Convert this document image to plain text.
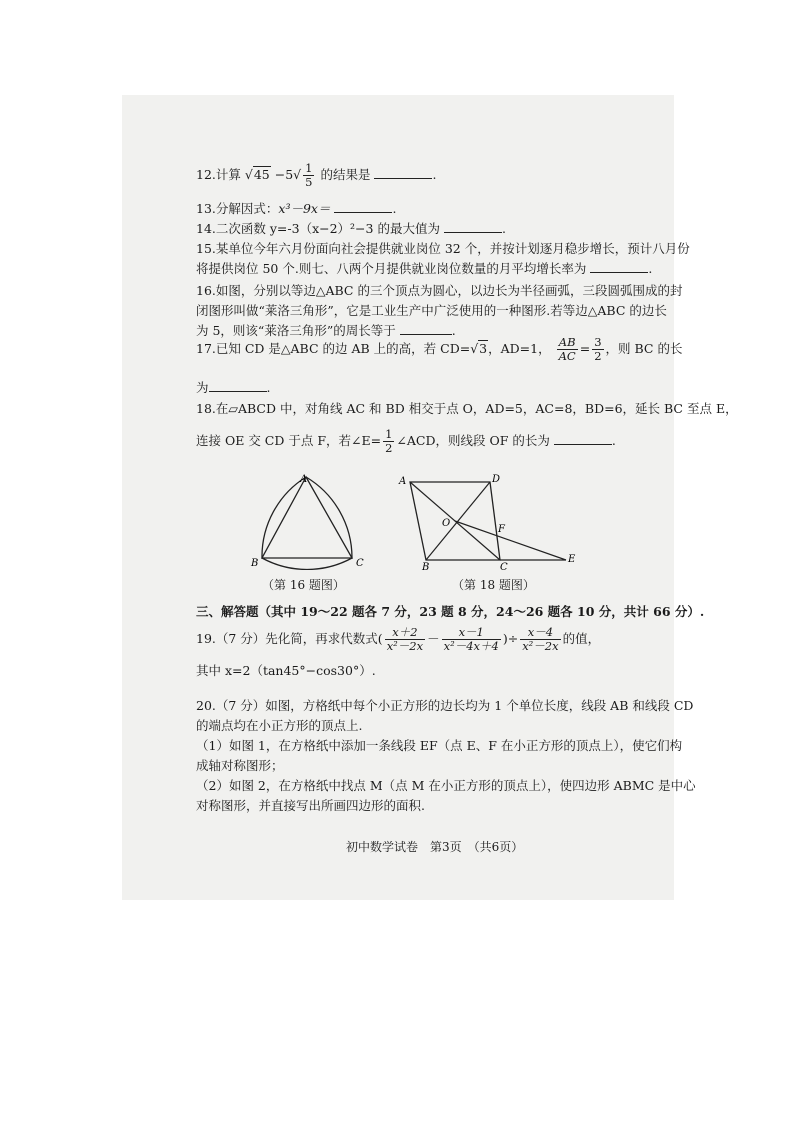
12.计算 $√45 -5√ \frac{1}{5}$ 的结果是	.
13.分解因式：x³－9x＝	.
14.二次函数 y=-3（x−2）²−3 的最大值为	.
15.某单位今年六月份面向社会提供就业岗位 32 个，并按计划逐月稳步增长，预计八月份
将提供岗位 50 个.则七、八两个月提供就业岗位数量的月平均增长率为	.
16.如图，分别以等边△ABC 的三个顶点为圆心，以边长为半径画弧，三段圆弧围成的封
闭图形叫做“莱洛三角形”，它是工业生产中广泛使用的一种图形.若等边△ABC 的边长
为 5，则该“莱洛三角形”的周长等于	.
17.已知 CD 是△ABC 的边 AB 上的高，若 CD=√3，AD=1， $\frac{AB}{AC} = \frac{3}{2}$ ，则 BC 的长
为	.
18.在▱ABCD 中，对角线 AC 和 BD 相交于点 O，AD=5，AC=8，BD=6，延长 BC 至点 E，
连接 OE 交 CD 于点 F，若∠E= $\frac{1}{2}$ ∠ACD，则线段 OF 的长为	.
A
B	C
（第 16 题图）
A	D
O
F
B	C
E
（第 18 题图）
三、解答题（其中 19～22 题各 7 分，23 题 8 分，24～26 题各 10 分，共计 66 分）.
19.（7 分）先化简，再求代数式( $\frac{x+2}{\text{x²－2x}} - \frac{x-1}{\text{x²－4x＋4}}$ )÷ $\frac{x-4}{\text{x²－2x}}$ 的值，
其中 x=2（tan45°−cos30°）.
20.（7 分）如图，方格纸中每个小正方形的边长均为 1 个单位长度，线段 AB 和线段 CD
的端点均在小正方形的顶点上.
（1）如图 1，在方格纸中添加一条线段 EF（点 E、F 在小正方形的顶点上），使它们构
成轴对称图形；
（2）如图 2，在方格纸中找点 M（点 M 在小正方形的顶点上），使四边形 ABMC 是中心
对称图形，并直接写出所画四边形的面积.
初中数学试卷　第3页　（共6页）
